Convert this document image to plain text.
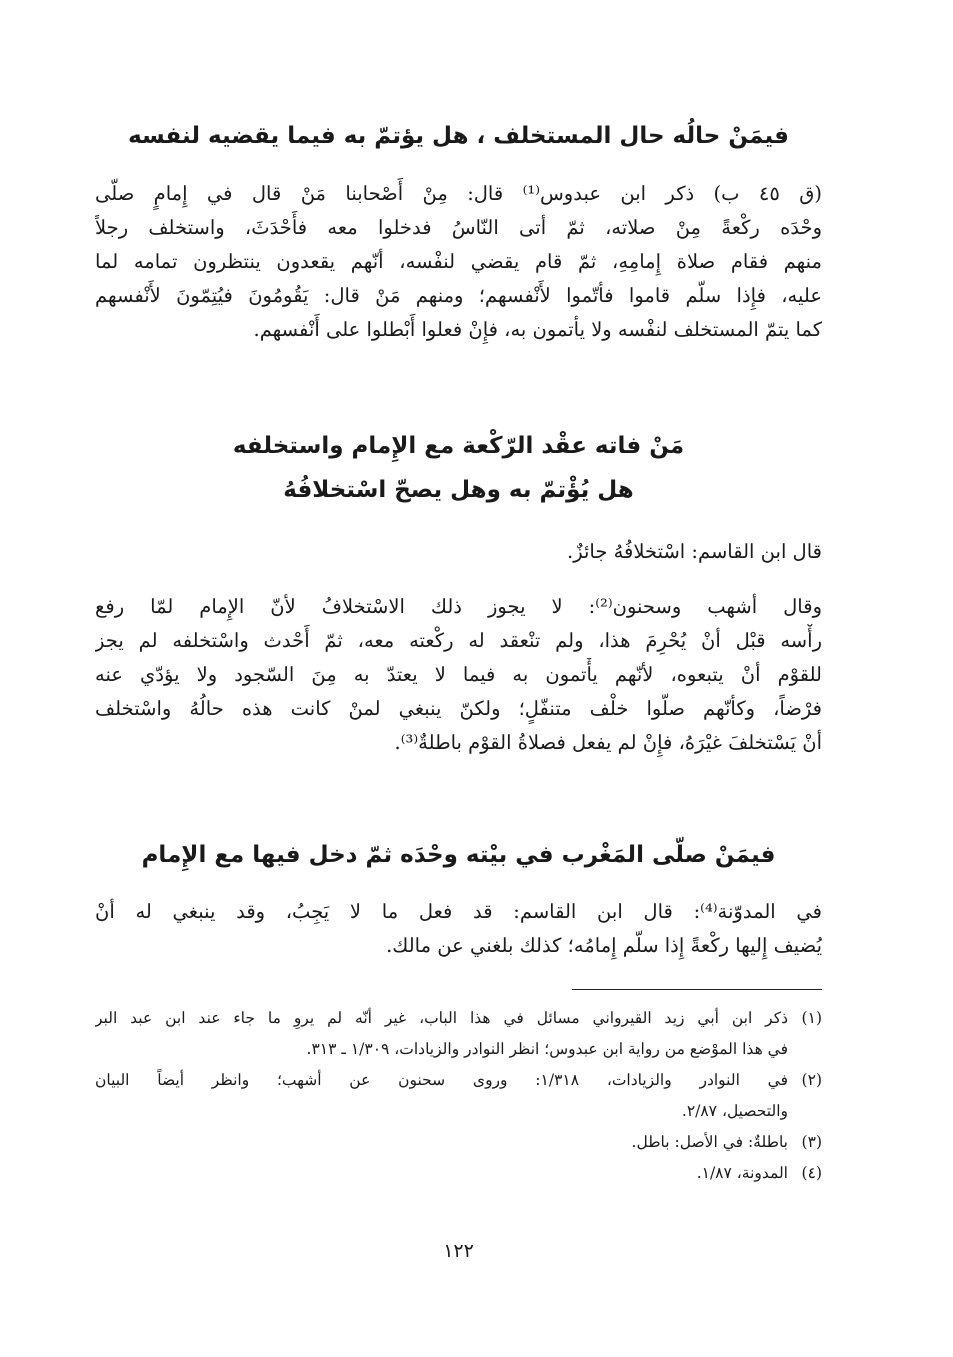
فيمَنْ حالُه حال المستخلف ، هل يؤتمّ به فيما يقضيه لنفسه
(ق ٤٥ ب) ذكر ابن عبدوس⁽¹⁾ قال: مِنْ أَصْحابنا مَنْ قال في إِمامٍ صلّى
وحْدَه ركْعةً مِنْ صلاته، ثمّ أتى النّاسُ فدخلوا معه فأَحْدَثَ، واستخلف رجلاً
منهم فقام صلاة إِمامِهِ، ثمّ قام يقضي لنفْسه، أنّهم يقعدون ينتظرون تمامه لما
عليه، فإِذا سلّم قاموا فأتّموا لأَنْفسهم؛ ومنهم مَنْ قال: يَقُومُونَ فيُتِمّونَ لأَنْفسهم
كما يتمّ المستخلف لنفْسه ولا يأتمون به، فإِنْ فعلوا أَبْطلوا على أَنْفسهم.
مَنْ فاته عقْد الرّكْعة مع الإِمام واستخلفه
هل يُؤْتمّ به وهل يصحّ اسْتخلافُهُ
قال ابن القاسم: اسْتخلافُهُ جائزٌ.
وقال أشهب وسحنون⁽²⁾: لا يجوز ذلك الاسْتخلافُ لأنّ الإِمام لمّا رفع
رأْسه قبْل أنْ يُحْرِمَ هذا، ولم تنْعقد له ركْعته معه، ثمّ أَحْدث واسْتخلفه لم يجز
للقوْم أنْ يتبعوه، لأنّهم يأْتمون به فيما لا يعتدّ به مِنَ السّجود ولا يؤدّي عنه
فرْضاً، وكأنّهم صلّوا خلْف متنفّلٍ؛ ولكنّ ينبغي لمنْ كانت هذه حالُهُ واسْتخلف
أنْ يَسْتخلفَ غيْرَهُ، فإِنْ لم يفعل فصلاةُ القوْم باطلةٌ⁽³⁾.
فيمَنْ صلّى المَغْرب في بيْته وحْدَه ثمّ دخل فيها مع الإِمام
في المدوّنة⁽⁴⁾: قال ابن القاسم: قد فعل ما لا يَجِبُ، وقد ينبغي له أنْ
يُضيف إِليها ركْعةً إِذا سلّم إِمامُه؛ كذلك بلغني عن مالك.
(١)
ذكر ابن أبي زيد القيرواني مسائل في هذا الباب، غير أنّه لم يروِ ما جاء عند ابن عبد البر
في هذا الموْضع من رواية ابن عبدوس؛ انظر النوادر والزيادات، ١/٣٠٩ ـ ٣١٣.
(٢)
في النوادر والزيادات، ١/٣١٨: وروى سحنون عن أشهب؛ وانظر أيضاً البيان
والتحصيل، ٢/٨٧.
(٣)
باطلةٌ: في الأصل: باطل.
(٤)
المدونة، ١/٨٧.
١٢٢
